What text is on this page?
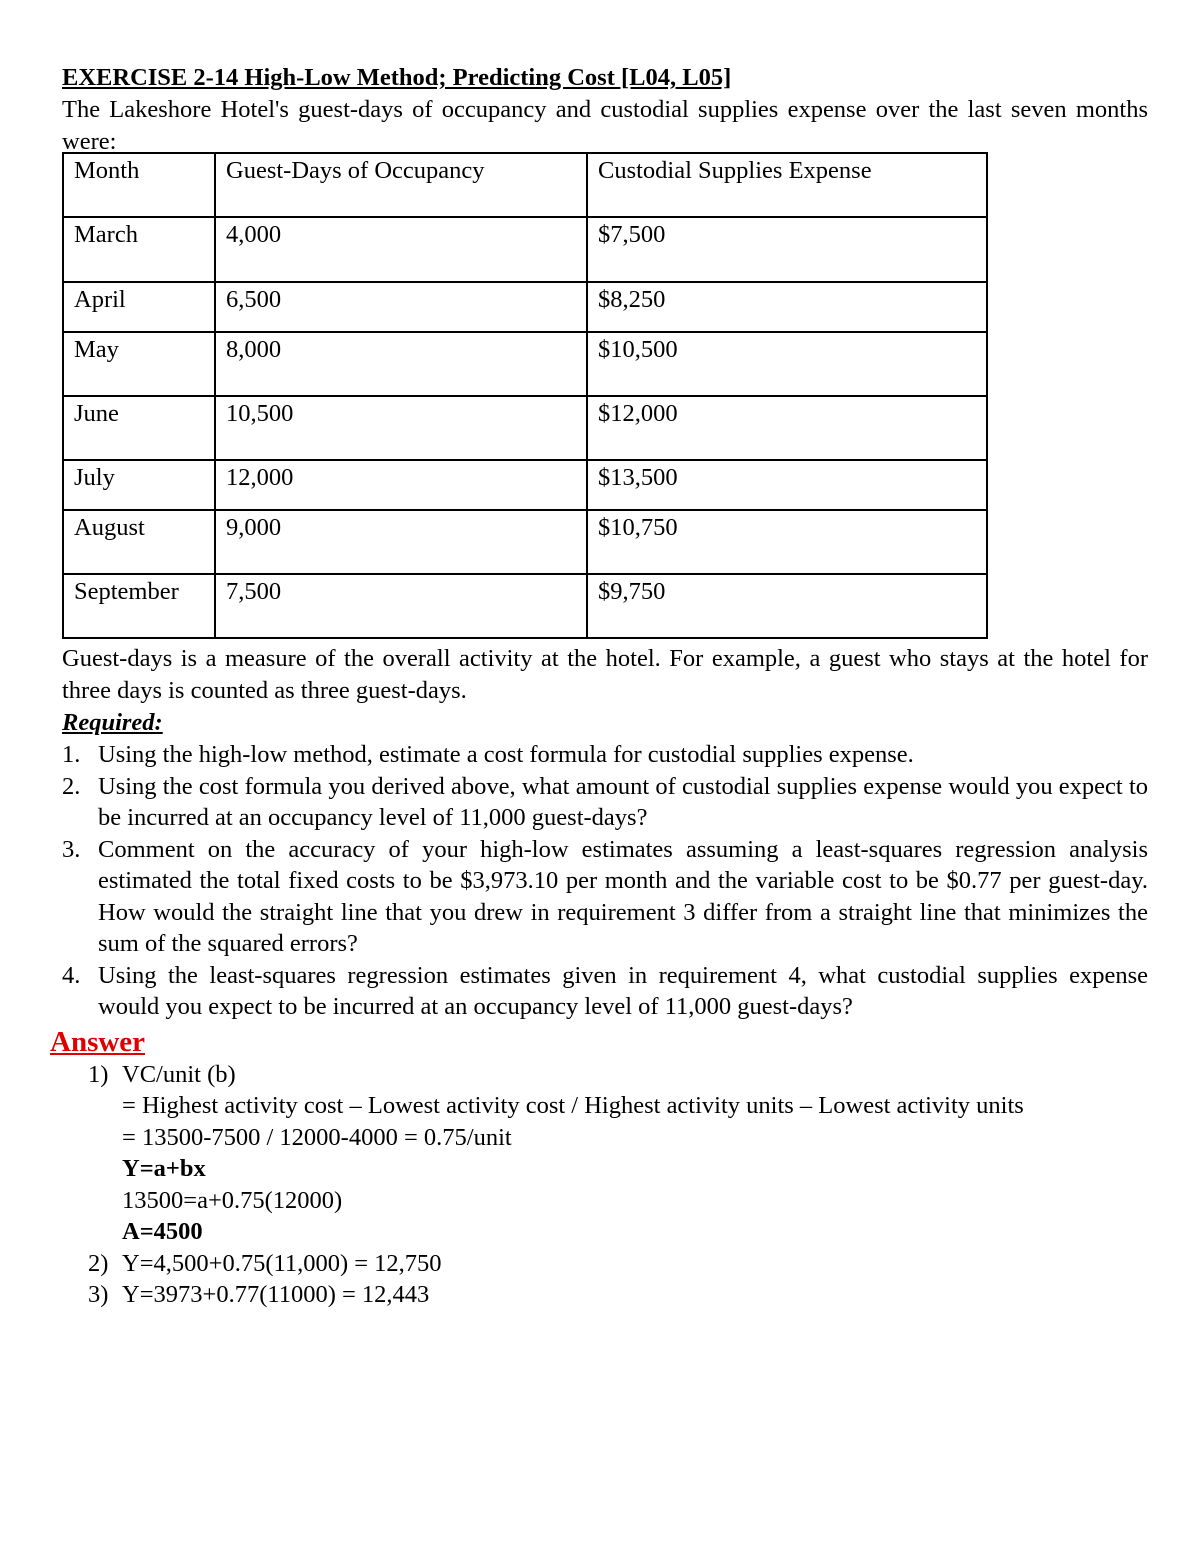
EXERCISE 2-14 High-Low Method; Predicting Cost [L04, L05]

The Lakeshore Hotel's guest-days of occupancy and custodial supplies expense over the last seven months were:

Month	Guest-Days of Occupancy	Custodial Supplies Expense
March	4,000	$7,500
April	6,500	$8,250
May	8,000	$10,500
June	10,500	$12,000
July	12,000	$13,500
August	9,000	$10,750
September	7,500	$9,750

Guest-days is a measure of the overall activity at the hotel. For example, a guest who stays at the hotel for three days is counted as three guest-days.

Required:

1. Using the high-low method, estimate a cost formula for custodial supplies expense.
2. Using the cost formula you derived above, what amount of custodial supplies expense would you expect to be incurred at an occupancy level of 11,000 guest-days?
3. Comment on the accuracy of your high-low estimates assuming a least-squares regression analysis estimated the total fixed costs to be $3,973.10 per month and the variable cost to be $0.77 per guest-day. How would the straight line that you drew in requirement 3 differ from a straight line that minimizes the sum of the squared errors?
4. Using the least-squares regression estimates given in requirement 4, what custodial supplies expense would you expect to be incurred at an occupancy level of 11,000 guest-days?

Answer

1) VC/unit (b)
= Highest activity cost – Lowest activity cost / Highest activity units – Lowest activity units
= 13500-7500 / 12000-4000 = 0.75/unit
Y=a+bx
13500=a+0.75(12000)
A=4500
2) Y=4,500+0.75(11,000) = 12,750
3) Y=3973+0.77(11000) = 12,443
